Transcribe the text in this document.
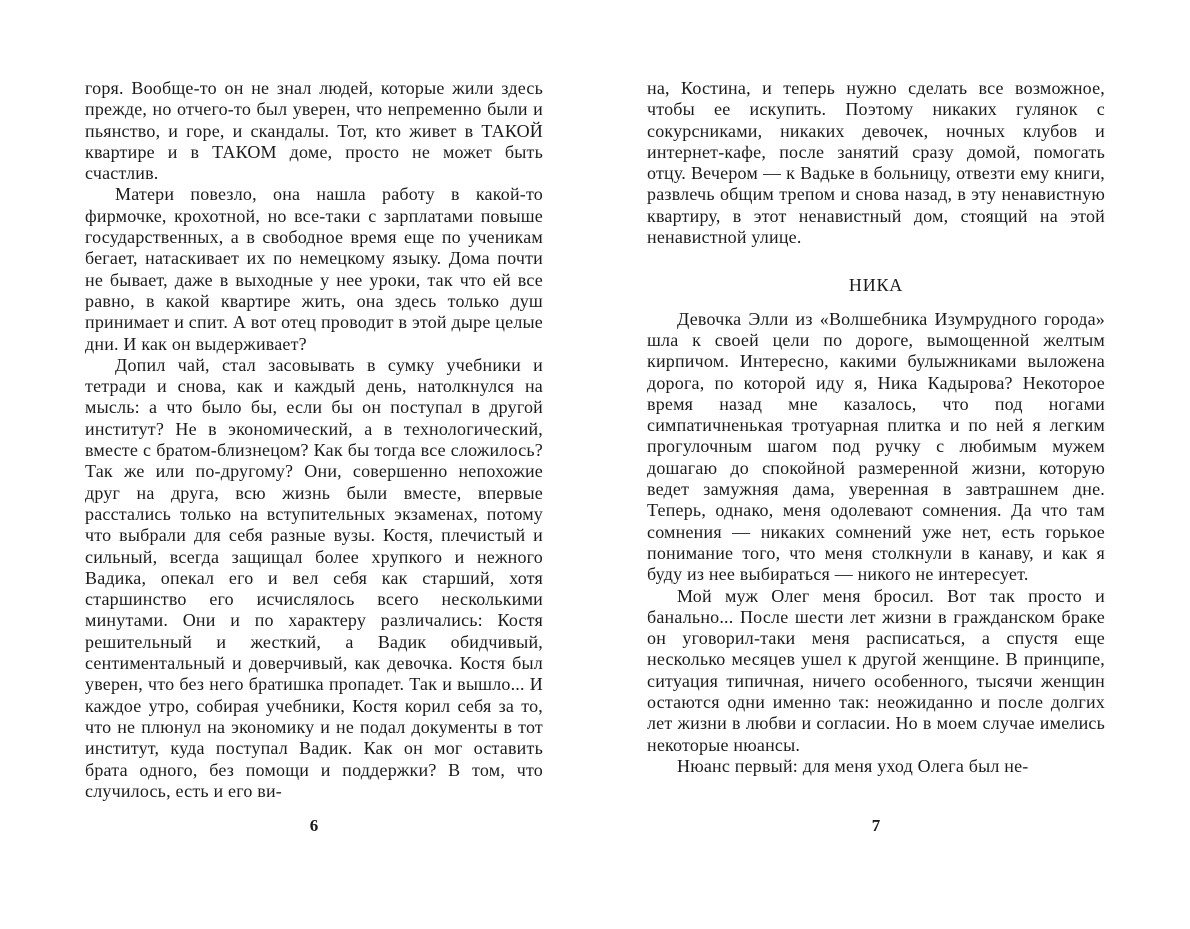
горя. Вообще-то он не знал людей, которые жили здесь прежде, но отчего-то был уверен, что непременно были и пьянство, и горе, и скандалы. Тот, кто живет в ТАКОЙ квартире и в ТАКОМ доме, просто не может быть счастлив.

Матери повезло, она нашла работу в какой-то фирмочке, крохотной, но все-таки с зарплатами повыше государственных, а в свободное время еще по ученикам бегает, натаскивает их по немецкому языку. Дома почти не бывает, даже в выходные у нее уроки, так что ей все равно, в какой квартире жить, она здесь только душ принимает и спит. А вот отец проводит в этой дыре целые дни. И как он выдерживает?

Допил чай, стал засовывать в сумку учебники и тетради и снова, как и каждый день, натолкнулся на мысль: а что было бы, если бы он поступал в другой институт? Не в экономический, а в технологический, вместе с братом-близнецом? Как бы тогда все сложилось? Так же или по-другому? Они, совершенно непохожие друг на друга, всю жизнь были вместе, впервые расстались только на вступительных экзаменах, потому что выбрали для себя разные вузы. Костя, плечистый и сильный, всегда защищал более хрупкого и нежного Вадика, опекал его и вел себя как старший, хотя старшинство его исчислялось всего несколькими минутами. Они и по характеру различались: Костя решительный и жесткий, а Вадик обидчивый, сентиментальный и доверчивый, как девочка. Костя был уверен, что без него братишка пропадет. Так и вышло... И каждое утро, собирая учебники, Костя корил себя за то, что не плюнул на экономику и не подал документы в тот институт, куда поступал Вадик. Как он мог оставить брата одного, без помощи и поддержки? В том, что случилось, есть и его ви-

6

на, Костина, и теперь нужно сделать все возможное, чтобы ее искупить. Поэтому никаких гулянок с сокурсниками, никаких девочек, ночных клубов и интернет-кафе, после занятий сразу домой, помогать отцу. Вечером — к Вадьке в больницу, отвезти ему книги, развлечь общим трепом и снова назад, в эту ненавистную квартиру, в этот ненавистный дом, стоящий на этой ненавистной улице.

НИКА

Девочка Элли из «Волшебника Изумрудного города» шла к своей цели по дороге, вымощенной желтым кирпичом. Интересно, какими булыжниками выложена дорога, по которой иду я, Ника Кадырова? Некоторое время назад мне казалось, что под ногами симпатичненькая тротуарная плитка и по ней я легким прогулочным шагом под ручку с любимым мужем дошагаю до спокойной размеренной жизни, которую ведет замужняя дама, уверенная в завтрашнем дне. Теперь, однако, меня одолевают сомнения. Да что там сомнения — никаких сомнений уже нет, есть горькое понимание того, что меня столкнули в канаву, и как я буду из нее выбираться — никого не интересует.

Мой муж Олег меня бросил. Вот так просто и банально... После шести лет жизни в гражданском браке он уговорил-таки меня расписаться, а спустя еще несколько месяцев ушел к другой женщине. В принципе, ситуация типичная, ничего особенного, тысячи женщин остаются одни именно так: неожиданно и после долгих лет жизни в любви и согласии. Но в моем случае имелись некоторые нюансы.

Нюанс первый: для меня уход Олега был не-

7
